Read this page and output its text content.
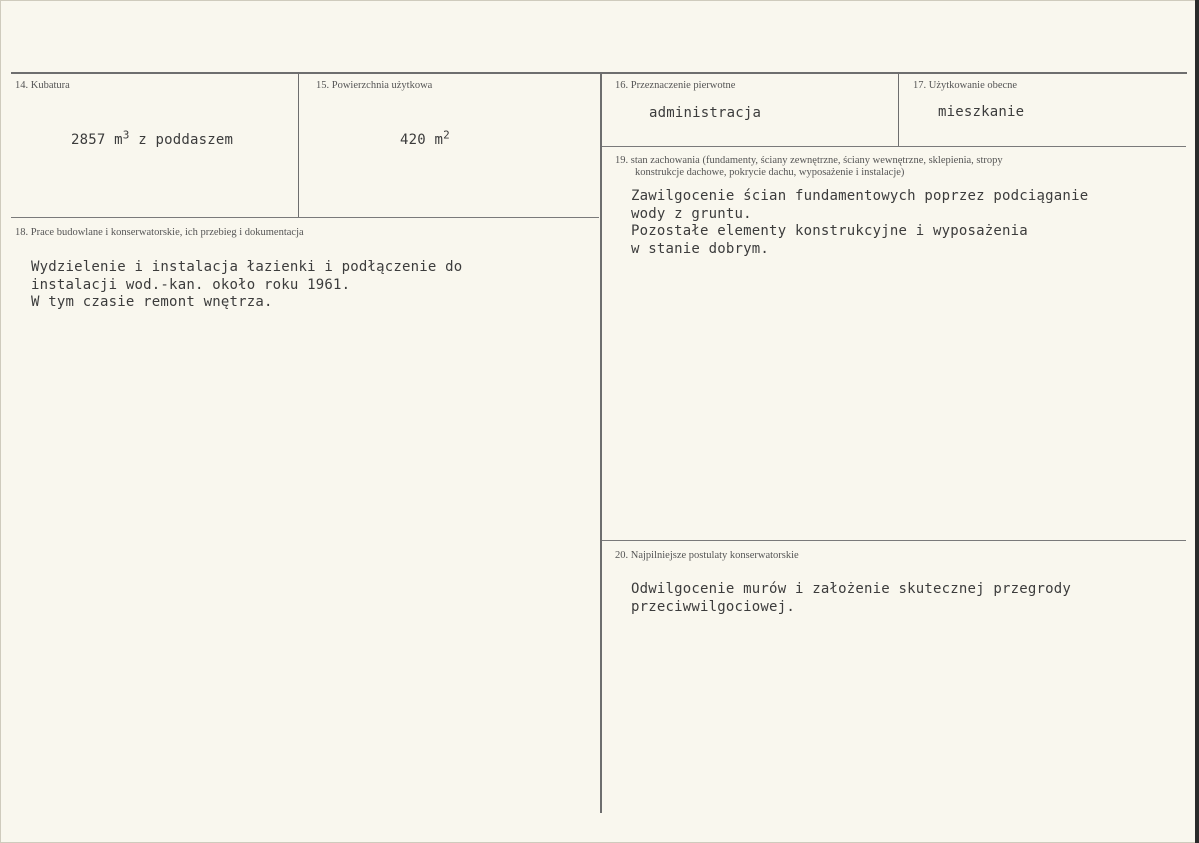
14. Kubatura
2857 $m^3$ z poddaszem
15. Powierzchnia użytkowa
420 $m^2$
16. Przeznaczenie pierwotne
administracja
17. Użytkowanie obecne
mieszkanie
18. Prace budowlane i konserwatorskie, ich przebieg i dokumentacja
Wydzielenie i instalacja łazienki i podłączenie do
instalacji wod.-kan. około roku 1961.
W tym czasie remont wnętrza.
19. stan zachowania (fundamenty, ściany zewnętrzne, ściany wewnętrzne, sklepienia, stropy
konstrukcje dachowe, pokrycie dachu, wyposażenie i instalacje)
Zawilgocenie ścian fundamentowych poprzez podciąganie
wody z gruntu.
Pozostałe elementy konstrukcyjne i wyposażenia
w stanie dobrym.
20. Najpilniejsze postulaty konserwatorskie
Odwilgocenie murów i założenie skutecznej przegrody
przeciwwilgociowej.
